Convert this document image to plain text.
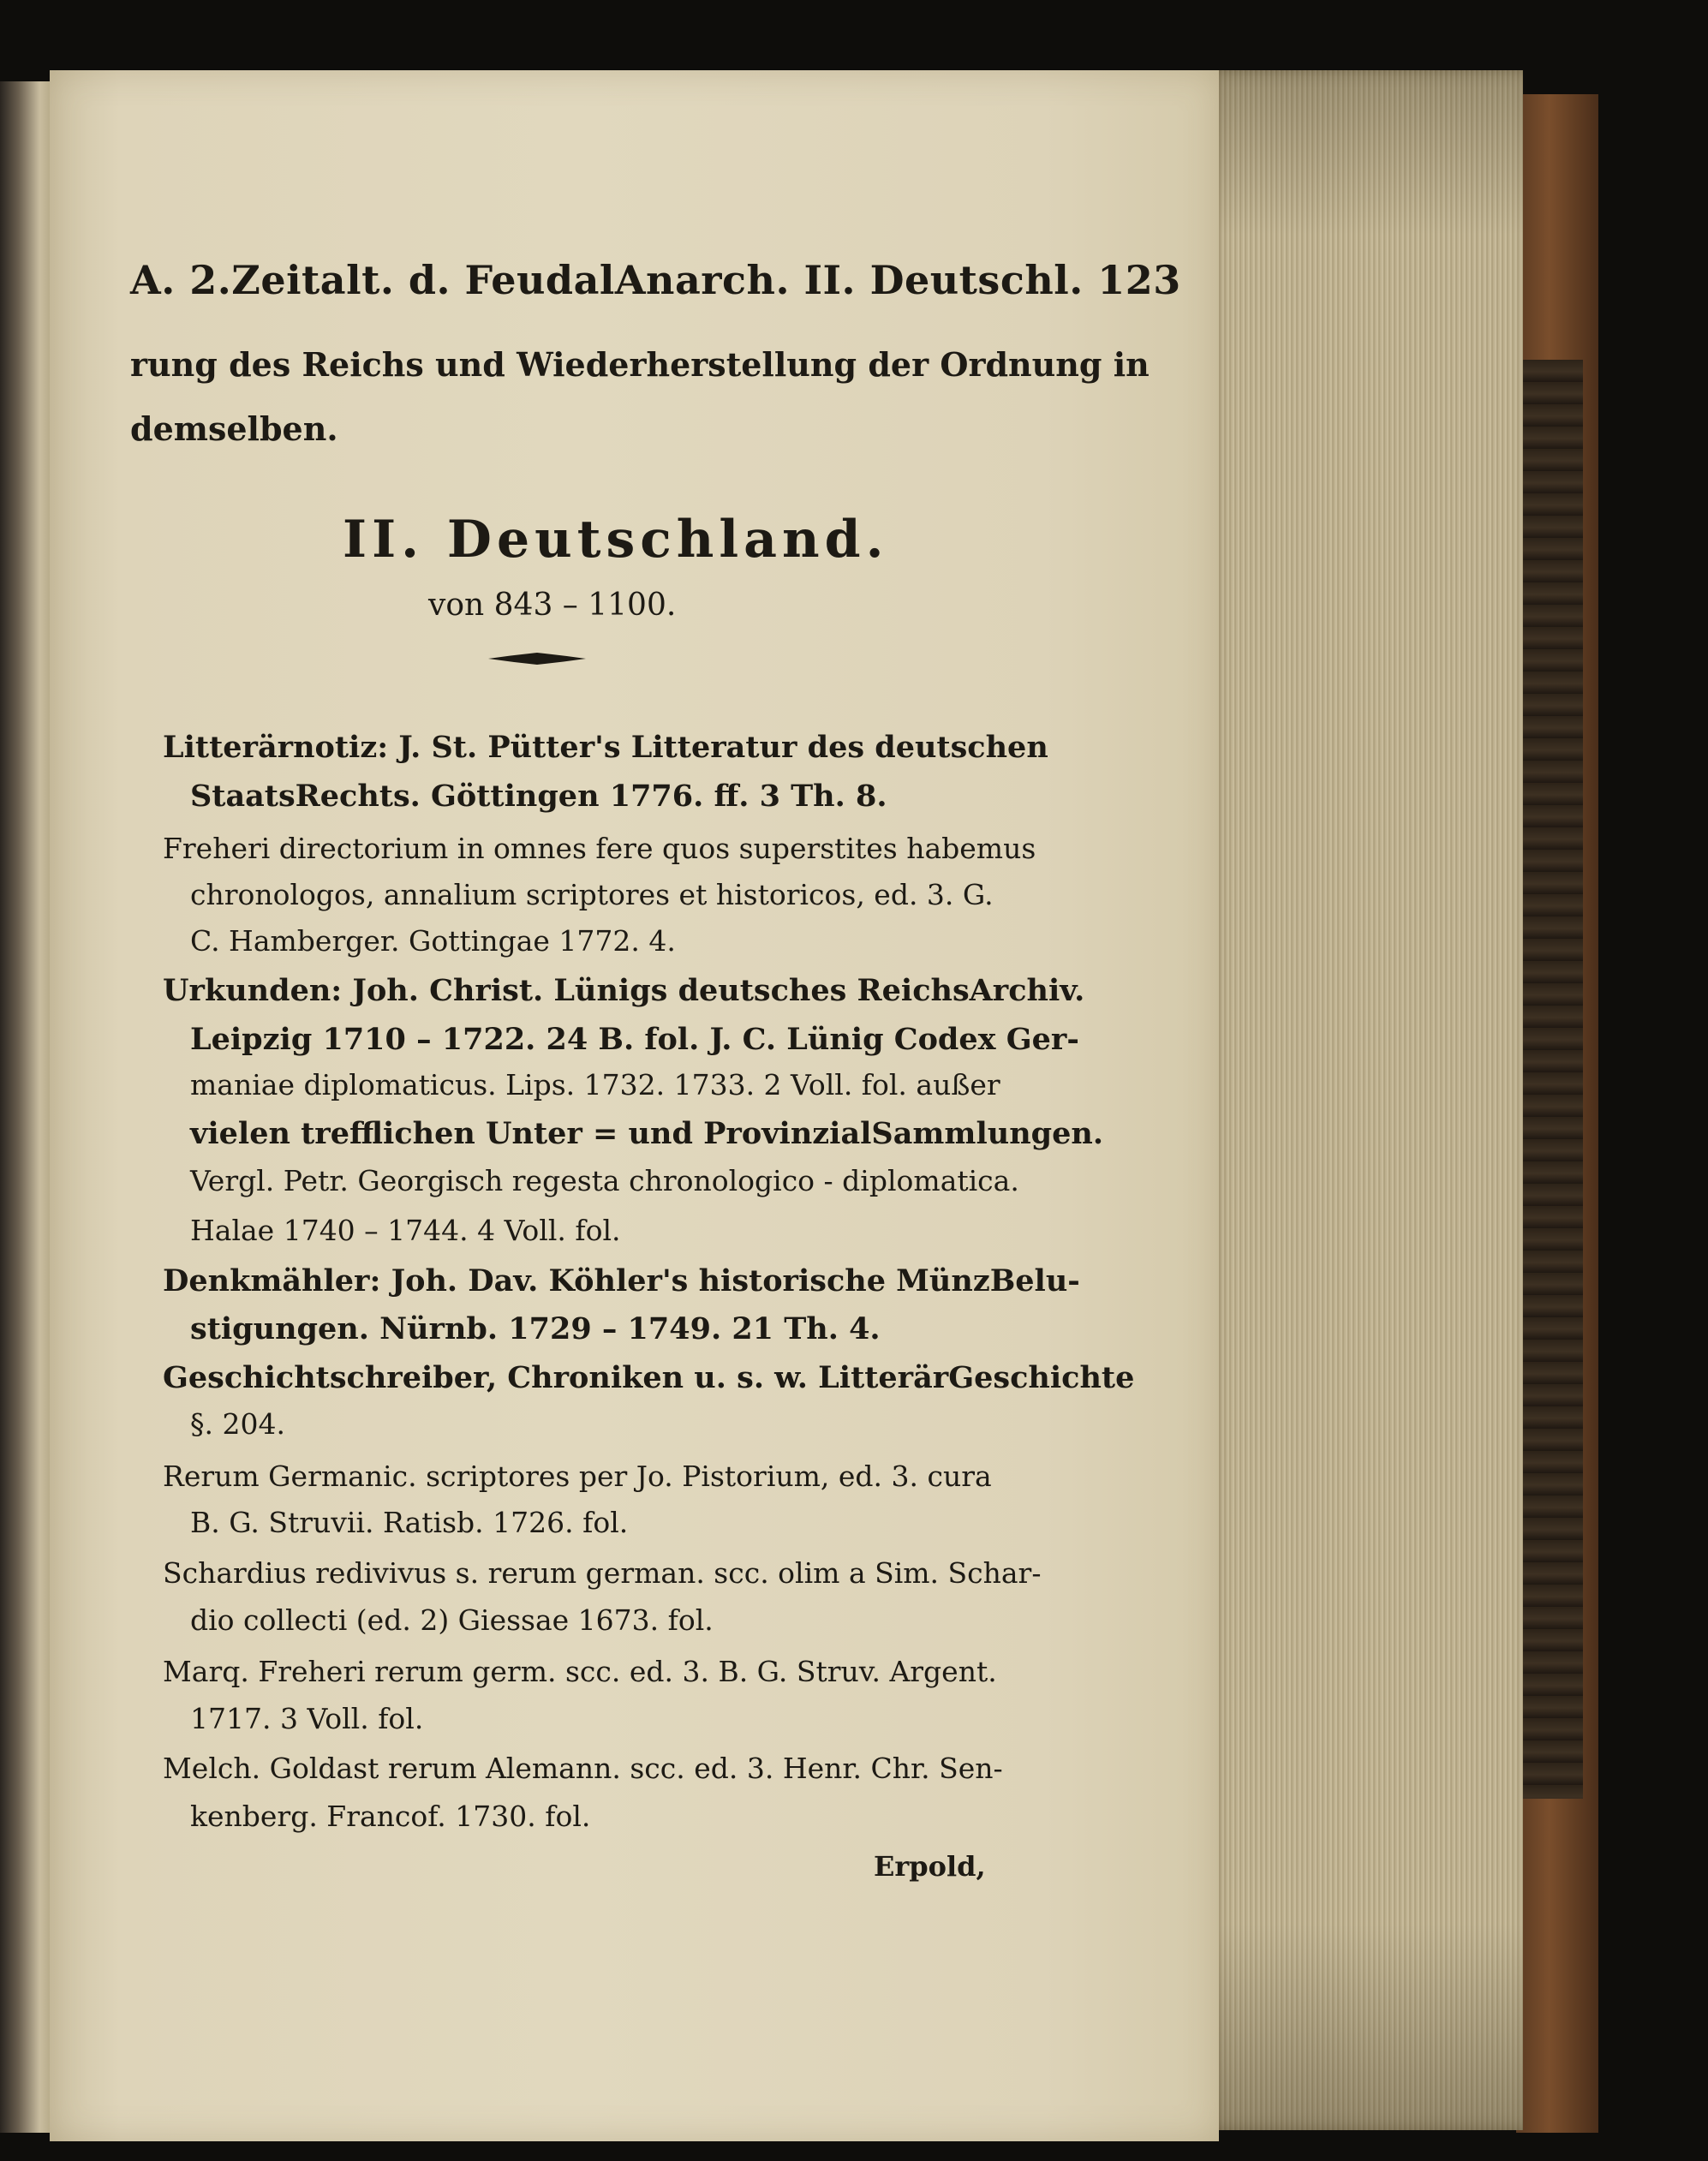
A. 2.Zeitalt. d. FeudalAnarch. II. Deutschl. 123
rung des Reichs und Wiederherstellung der Ordnung in
demselben.
II. Deutschland.
von 843 – 1100.
Litterärnotiz: J. St. Pütter's Litteratur des deutschen
StaatsRechts. Göttingen 1776. ff. 3 Th. 8.
Freheri directorium in omnes fere quos superstites habemus
chronologos, annalium scriptores et historicos, ed. 3. G.
C. Hamberger. Gottingae 1772. 4.
Urkunden: Joh. Christ. Lünigs deutsches ReichsArchiv.
Leipzig 1710 – 1722. 24 B. fol. J. C. Lünig Codex Ger-
maniae diplomaticus. Lips. 1732. 1733. 2 Voll. fol. außer
vielen trefflichen Unter = und ProvinzialSammlungen.
Vergl. Petr. Georgisch regesta chronologico - diplomatica.
Halae 1740 – 1744. 4 Voll. fol.
Denkmähler: Joh. Dav. Köhler's historische MünzBelu-
stigungen. Nürnb. 1729 – 1749. 21 Th. 4.
Geschichtschreiber, Chroniken u. s. w. LitterärGeschichte
§. 204.
Rerum Germanic. scriptores per Jo. Pistorium, ed. 3. cura
B. G. Struvii. Ratisb. 1726. fol.
Schardius redivivus s. rerum german. scc. olim a Sim. Schar-
dio collecti (ed. 2) Giessae 1673. fol.
Marq. Freheri rerum germ. scc. ed. 3. B. G. Struv. Argent.
1717. 3 Voll. fol.
Melch. Goldast rerum Alemann. scc. ed. 3. Henr. Chr. Sen-
kenberg. Francof. 1730. fol.
Erpold,
